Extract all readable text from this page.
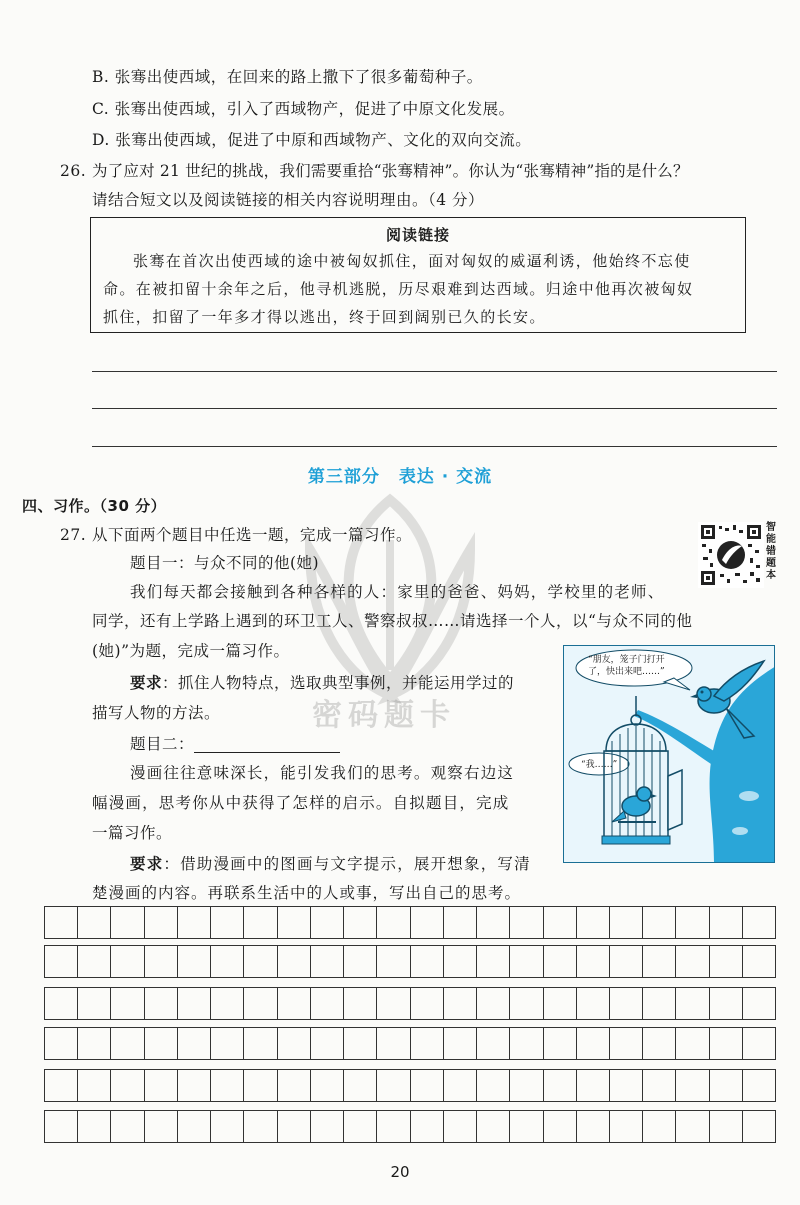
B. 张骞出使西域，在回来的路上撒下了很多葡萄种子。
C. 张骞出使西域，引入了西域物产，促进了中原文化发展。
D. 张骞出使西域，促进了中原和西域物产、文化的双向交流。
26. 为了应对 21 世纪的挑战，我们需要重拾“张骞精神”。你认为“张骞精神”指的是什么？
请结合短文以及阅读链接的相关内容说明理由。（4 分）
阅读链接
张骞在首次出使西域的途中被匈奴抓住，面对匈奴的威逼利诱，他始终不忘使
命。在被扣留十余年之后，他寻机逃脱，历尽艰难到达西域。归途中他再次被匈奴
抓住，扣留了一年多才得以逃出，终于回到阔别已久的长安。
第三部分 表达 · 交流
密码题卡
四、习作。（30 分）
27. 从下面两个题目中任选一题，完成一篇习作。
题目一：与众不同的他(她)
我们每天都会接触到各种各样的人：家里的爸爸、妈妈，学校里的老师、
同学，还有上学路上遇到的环卫工人、警察叔叔……请选择一个人，以“与众不同的他
(她)”为题，完成一篇习作。
要求：抓住人物特点，选取典型事例，并能运用学过的
描写人物的方法。
题目二：
漫画往往意味深长，能引发我们的思考。观察右边这
幅漫画，思考你从中获得了怎样的启示。自拟题目，完成
一篇习作。
要求：借助漫画中的图画与文字提示，展开想象，写清
楚漫画的内容。再联系生活中的人或事，写出自己的思考。
智能错题本
“朋友，笼子门打开
了，快出来吧……”
“我……”
20
